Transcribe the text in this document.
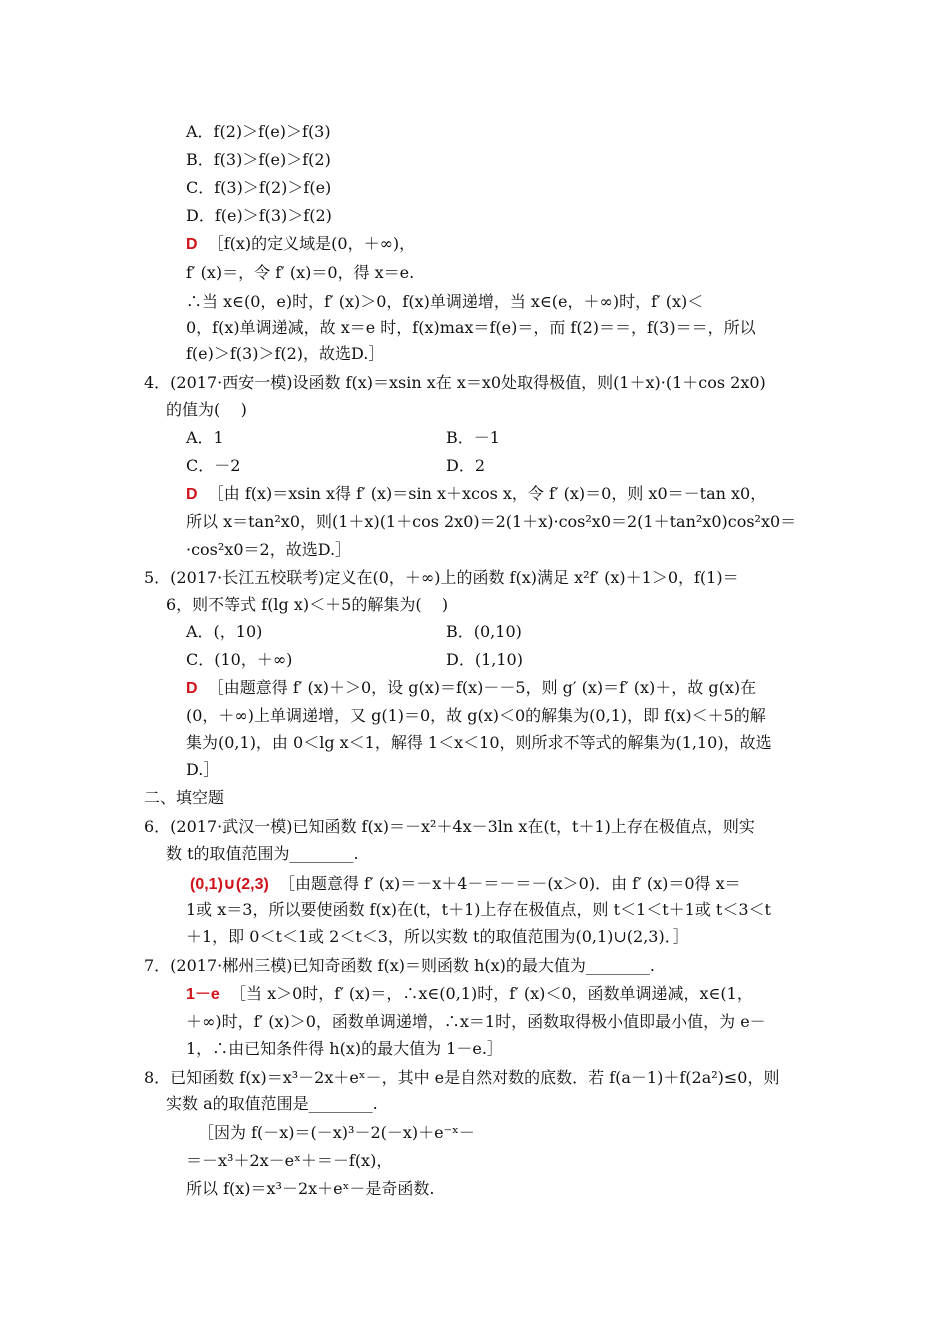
A．f(2)＞f(e)＞f(3)
B．f(3)＞f(e)＞f(2)
C．f(3)＞f(2)＞f(e)
D．f(e)＞f(3)＞f(2)
D ［f(x)的定义域是(0，＋∞)，
f′ (x)＝，令 f′ (x)＝0，得 x＝e.
∴当 x∈(0，e)时，f′ (x)＞0，f(x)单调递增，当 x∈(e，＋∞)时，f′ (x)＜
0，f(x)单调递减，故 x＝e 时，f(x)max＝f(e)＝，而 f(2)＝＝，f(3)＝＝，所以
f(e)＞f(3)＞f(2)，故选D.］
4．(2017·西安一模)设函数 f(x)＝xsin x在 x＝x0处取得极值，则(1＋x)·(1＋cos 2x0)
的值为(    )
A．1	B．－1
C．－2	D．2
D ［由 f(x)＝xsin x得 f′ (x)＝sin x＋xcos x，令 f′ (x)＝0，则 x0＝－tan x0，
所以 x＝tan²x0，则(1＋x)(1＋cos 2x0)＝2(1＋x)·cos²x0＝2(1＋tan²x0)cos²x0＝
·cos²x0＝2，故选D.］
5．(2017·长江五校联考)定义在(0，＋∞)上的函数 f(x)满足 x²f′ (x)＋1＞0，f(1)＝
6，则不等式 f(lg x)＜＋5的解集为(    )
A．(，10)	B．(0,10)
C．(10，＋∞)	D．(1,10)
D ［由题意得 f′ (x)＋＞0，设 g(x)＝f(x)－－5，则 g′ (x)＝f′ (x)＋，故 g(x)在
(0，＋∞)上单调递增，又 g(1)＝0，故 g(x)＜0的解集为(0,1)，即 f(x)＜＋5的解
集为(0,1)，由 0＜lg x＜1，解得 1＜x＜10，则所求不等式的解集为(1,10)，故选
D.］
二、填空题
6．(2017·武汉一模)已知函数 f(x)＝－x²＋4x－3ln x在(t，t＋1)上存在极值点，则实
数 t的取值范围为________.
(0,1)∪(2,3) ［由题意得 f′ (x)＝－x＋4－＝－＝－(x＞0)．由 f′ (x)＝0得 x＝
1或 x＝3，所以要使函数 f(x)在(t，t＋1)上存在极值点，则 t＜1＜t＋1或 t＜3＜t
＋1，即 0＜t＜1或 2＜t＜3，所以实数 t的取值范围为(0,1)∪(2,3)．］
7．(2017·郴州三模)已知奇函数 f(x)＝则函数 h(x)的最大值为________.
1－e ［当 x＞0时，f′ (x)＝，∴x∈(0,1)时，f′ (x)＜0，函数单调递减，x∈(1，
＋∞)时，f′ (x)＞0，函数单调递增，∴x＝1时，函数取得极小值即最小值，为 e－
1，∴由已知条件得 h(x)的最大值为 1－e.］
8．已知函数 f(x)＝x³－2x＋eˣ－，其中 e是自然对数的底数．若 f(a－1)＋f(2a²)≤0，则
实数 a的取值范围是________.
［因为 f(－x)＝(－x)³－2(－x)＋e⁻ˣ－
＝－x³＋2x－eˣ＋＝－f(x)，
所以 f(x)＝x³－2x＋eˣ－是奇函数.
